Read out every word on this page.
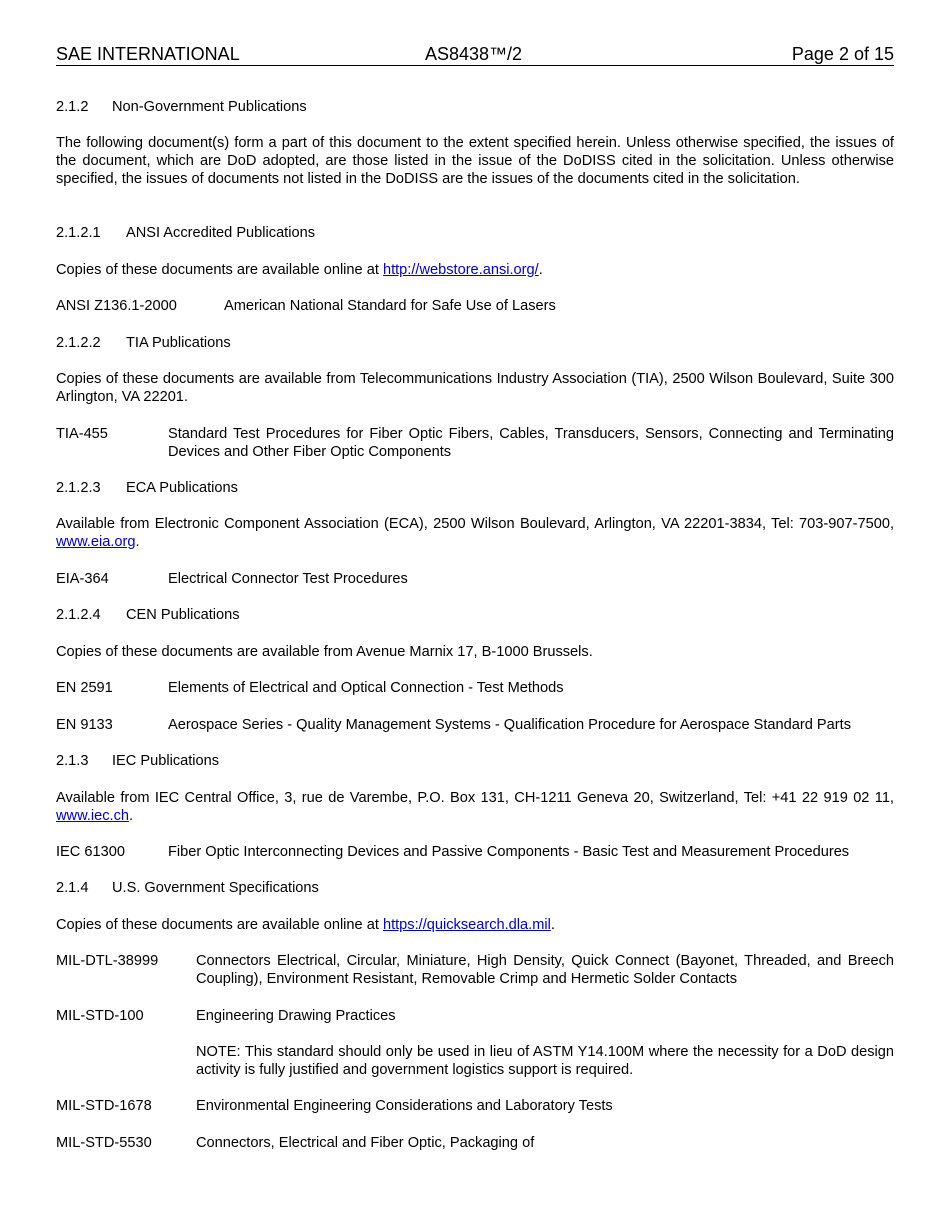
SAE INTERNATIONAL	AS8438™/2	Page 2 of 15
2.1.2 Non-Government Publications
The following document(s) form a part of this document to the extent specified herein. Unless otherwise specified, the issues of the document, which are DoD adopted, are those listed in the issue of the DoDISS cited in the solicitation. Unless otherwise specified, the issues of documents not listed in the DoDISS are the issues of the documents cited in the solicitation.
2.1.2.1 ANSI Accredited Publications
Copies of these documents are available online at http://webstore.ansi.org/.
ANSI Z136.1-2000	American National Standard for Safe Use of Lasers
2.1.2.2 TIA Publications
Copies of these documents are available from Telecommunications Industry Association (TIA), 2500 Wilson Boulevard, Suite 300 Arlington, VA 22201.
TIA-455	Standard Test Procedures for Fiber Optic Fibers, Cables, Transducers, Sensors, Connecting and Terminating Devices and Other Fiber Optic Components
2.1.2.3 ECA Publications
Available from Electronic Component Association (ECA), 2500 Wilson Boulevard, Arlington, VA 22201-3834, Tel: 703-907-7500, www.eia.org.
EIA-364	Electrical Connector Test Procedures
2.1.2.4 CEN Publications
Copies of these documents are available from Avenue Marnix 17, B-1000 Brussels.
EN 2591	Elements of Electrical and Optical Connection - Test Methods
EN 9133	Aerospace Series - Quality Management Systems - Qualification Procedure for Aerospace Standard Parts
2.1.3 IEC Publications
Available from IEC Central Office, 3, rue de Varembe, P.O. Box 131, CH-1211 Geneva 20, Switzerland, Tel: +41 22 919 02 11, www.iec.ch.
IEC 61300	Fiber Optic Interconnecting Devices and Passive Components - Basic Test and Measurement Procedures
2.1.4 U.S. Government Specifications
Copies of these documents are available online at https://quicksearch.dla.mil.
MIL-DTL-38999	Connectors Electrical, Circular, Miniature, High Density, Quick Connect (Bayonet, Threaded, and Breech Coupling), Environment Resistant, Removable Crimp and Hermetic Solder Contacts
MIL-STD-100	Engineering Drawing Practices
NOTE: This standard should only be used in lieu of ASTM Y14.100M where the necessity for a DoD design activity is fully justified and government logistics support is required.
MIL-STD-1678	Environmental Engineering Considerations and Laboratory Tests
MIL-STD-5530	Connectors, Electrical and Fiber Optic, Packaging of
